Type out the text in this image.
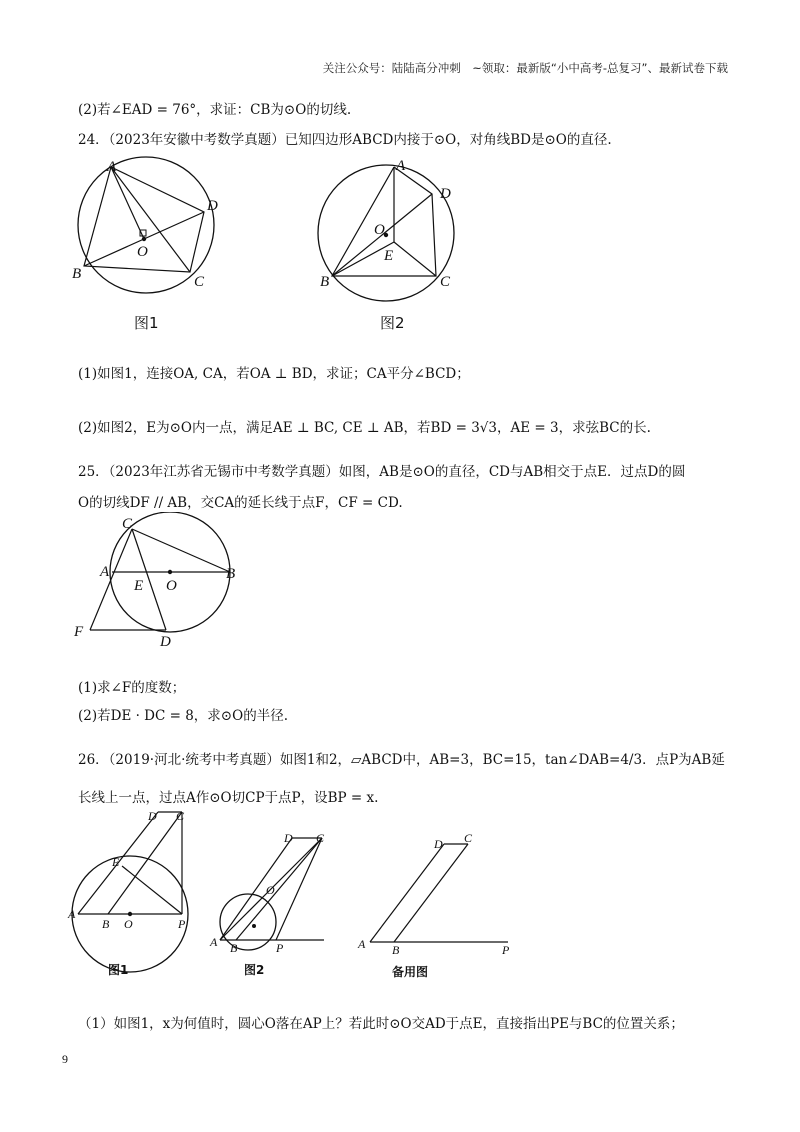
关注公众号：陆陆高分冲刺　~领取：最新版“小中高考-总复习”、最新试卷下载
(2)若∠EAD = 76°，求证：CB为⊙O的切线.
24．（2023年安徽中考数学真题）已知四边形ABCD内接于⊙O，对角线BD是⊙O的直径.
A
D
O
B	C
图1
A
D
O
E
B	C
图2
(1)如图1，连接OA, CA，若OA ⊥ BD，求证；CA平分∠BCD；
(2)如图2，E为⊙O内一点，满足AE ⊥ BC, CE ⊥ AB，若BD = 3√3，AE = 3，求弦BC的长.
25．（2023年江苏省无锡市中考数学真题）如图，AB是⊙O的直径，CD与AB相交于点E．过点D的圆
O的切线DF // AB，交CA的延长线于点F，CF = CD.
C
A
E O
B
F
D
(1)求∠F的度数；
(2)若DE · DC = 8，求⊙O的半径.
26．（2019·河北·统考中考真题）如图1和2，▱ABCD中，AB=3，BC=15，tan∠DAB=4/3．点P为AB延
长线上一点，过点A作⊙O切CP于点P，设BP = x.
D C
E
A
B O	P
图1
D C
O
A B	P
图2
D C
A B	P
备用图
（1）如图1，x为何值时，圆心O落在AP上？若此时⊙O交AD于点E，直接指出PE与BC的位置关系；
9
